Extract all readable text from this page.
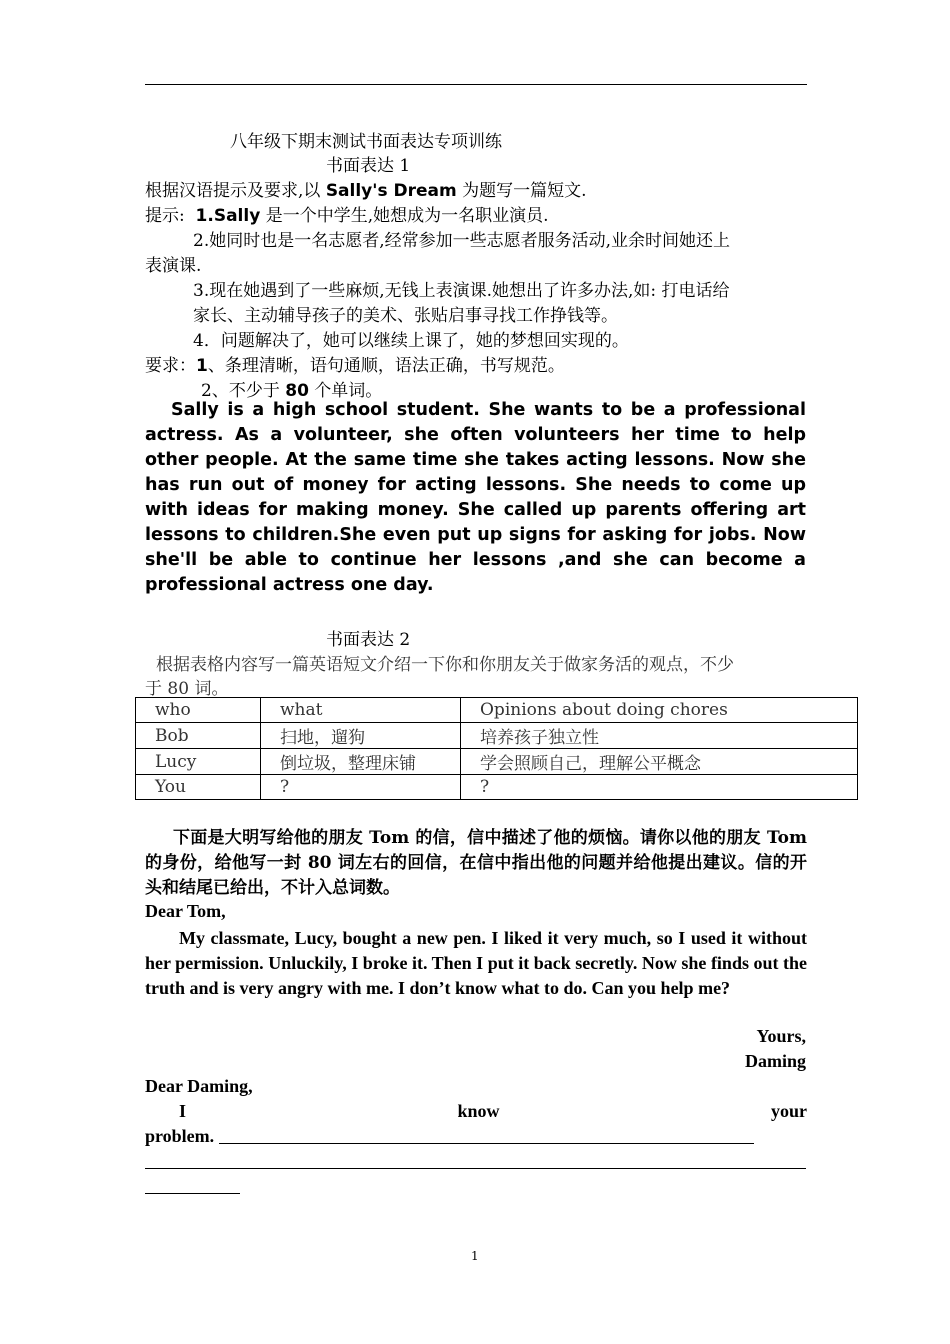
八年级下期末测试书面表达专项训练
书面表达 1
根据汉语提示及要求,以 Sally's Dream 为题写一篇短文.
提示: 1.Sally 是一个中学生,她想成为一名职业演员.
2.她同时也是一名志愿者,经常参加一些志愿者服务活动,业余时间她还上
表演课.
3.现在她遇到了一些麻烦,无钱上表演课.她想出了许多办法,如: 打电话给
家长、主动辅导孩子的美术、张贴启事寻找工作挣钱等。
4．问题解决了，她可以继续上课了，她的梦想回实现的。
要求：1、条理清晰，语句通顺，语法正确，书写规范。
2、不少于 80 个单词。

Sally is a high school student. She wants to be a professional actress. As a volunteer, she often volunteers her time to help other people. At the same time she takes acting lessons. Now she has run out of money for acting lessons. She needs to come up with ideas for making money. She called up parents offering art lessons to children.She even put up signs for asking for jobs. Now she'll be able to continue her lessons ,and she can become a professional actress one day.

书面表达 2
根据表格内容写一篇英语短文介绍一下你和你朋友关于做家务活的观点，不少
于 80 词。
who	what	Opinions about doing chores
Bob	扫地，遛狗	培养孩子独立性
Lucy	倒垃圾，整理床铺	学会照顾自己，理解公平概念
You	?	?

下面是大明写给他的朋友 Tom 的信，信中描述了他的烦恼。请你以他的朋友 Tom 的身份，给他写一封 80 词左右的回信，在信中指出他的问题并给他提出建议。信的开头和结尾已给出，不计入总词数。

Dear Tom,

My classmate, Lucy, bought a new pen. I liked it very much, so I used it without her permission. Unluckily, I broke it. Then I put it back secretly. Now she finds out the truth and is very angry with me. I don’t know what to do. Can you help me?

Yours,
Daming
Dear Daming,
I	know	your
problem.
1
